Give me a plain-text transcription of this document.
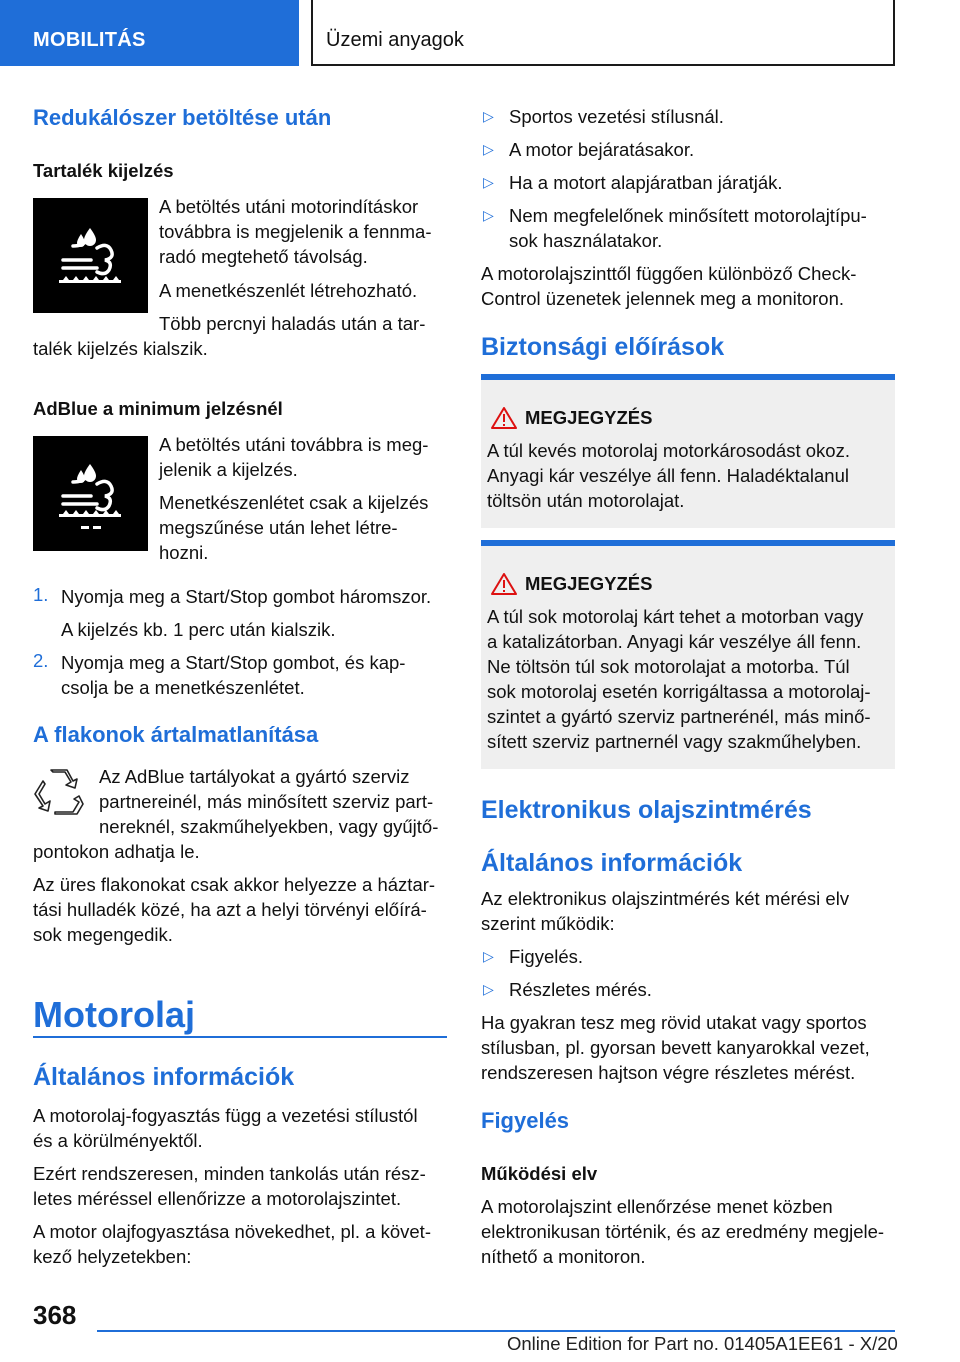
MOBILITÁS	Üzemi anyagok
Redukálószer betöltése után
Tartalék kijelzés
A betöltés utáni motorindításkor
továbbra is megjelenik a fennma-
radó megtehető távolság.
A menetkészenlét létrehozható.
Több percnyi haladás után a tar-
talék kijelzés kialszik.
AdBlue a minimum jelzésnél
A betöltés utáni továbbra is meg-
jelenik a kijelzés.
Menetkészenlétet csak a kijelzés
megszűnése után lehet létre-
hozni.
1. Nyomja meg a Start/Stop gombot háromszor.
A kijelzés kb. 1 perc után kialszik.
2. Nyomja meg a Start/Stop gombot, és kap-
csolja be a menetkészenlétet.
A flakonok ártalmatlanítása
Az AdBlue tartályokat a gyártó szerviz
partnereinél, más minősített szerviz part-
nereknél, szakműhelyekben, vagy gyűjtő-
pontokon adhatja le.
Az üres flakonokat csak akkor helyezze a háztar-
tási hulladék közé, ha azt a helyi törvényi előírá-
sok megengedik.
Motorolaj
Általános információk
A motorolaj-fogyasztás függ a vezetési stílustól
és a körülményektől.
Ezért rendszeresen, minden tankolás után rész-
letes méréssel ellenőrizze a motorolajszintet.
A motor olajfogyasztása növekedhet, pl. a követ-
kező helyzetekben:
▷ Sportos vezetési stílusnál.
▷ A motor bejáratásakor.
▷ Ha a motort alapjáratban járatják.
▷ Nem megfelelőnek minősített motorolajtípu-
sok használatakor.
A motorolajszinttől függően különböző Check-
Control üzenetek jelennek meg a monitoron.
Biztonsági előírások
MEGJEGYZÉS
A túl kevés motorolaj motorkárosodást okoz.
Anyagi kár veszélye áll fenn. Haladéktalanul
töltsön után motorolajat.
MEGJEGYZÉS
A túl sok motorolaj kárt tehet a motorban vagy
a katalizátorban. Anyagi kár veszélye áll fenn.
Ne töltsön túl sok motorolajat a motorba. Túl
sok motorolaj esetén korrigáltassa a motorolaj-
szintet a gyártó szerviz partnerénél, más minő-
sített szerviz partnernél vagy szakműhelyben.
Elektronikus olajszintmérés
Általános információk
Az elektronikus olajszintmérés két mérési elv
szerint működik:
▷ Figyelés.
▷ Részletes mérés.
Ha gyakran tesz meg rövid utakat vagy sportos
stílusban, pl. gyorsan bevett kanyarokkal vezet,
rendszeresen hajtson végre részletes mérést.
Figyelés
Működési elv
A motorolajszint ellenőrzése menet közben
elektronikusan történik, és az eredmény megjele-
níthető a monitoron.
368
Online Edition for Part no. 01405A1EE61 - X/20
